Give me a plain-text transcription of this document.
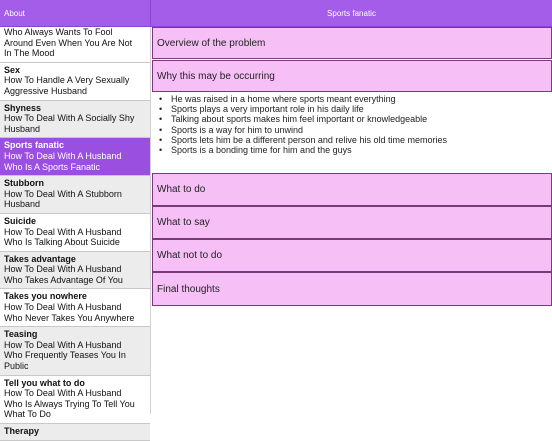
About	Sports fanatic
Who Always Wants To Fool
Around Even When You Are Not
In The Mood
Sex
How To Handle A Very Sexually
Aggressive Husband
Shyness
How To Deal With A Socially Shy
Husband
Sports fanatic
How To Deal With A Husband
Who Is A Sports Fanatic
Stubborn
How To Deal With A Stubborn
Husband
Suicide
How To Deal With A Husband
Who Is Talking About Suicide
Takes advantage
How To Deal With A Husband
Who Takes Advantage Of You
Takes you nowhere
How To Deal With A Husband
Who Never Takes You Anywhere
Teasing
How To Deal With A Husband
Who Frequently Teases You In
Public
Tell you what to do
How To Deal With A Husband
Who Is Always Trying To Tell You
What To Do
Therapy
Overview of the problem
Why this may be occurring
• He was raised in a home where sports meant everything
• Sports plays a very important role in his daily life
• Talking about sports makes him feel important or knowledgeable
• Sports is a way for him to unwind
• Sports lets him be a different person and relive his old time memories
• Sports is a bonding time for him and the guys
What to do
What to say
What not to do
Final thoughts
